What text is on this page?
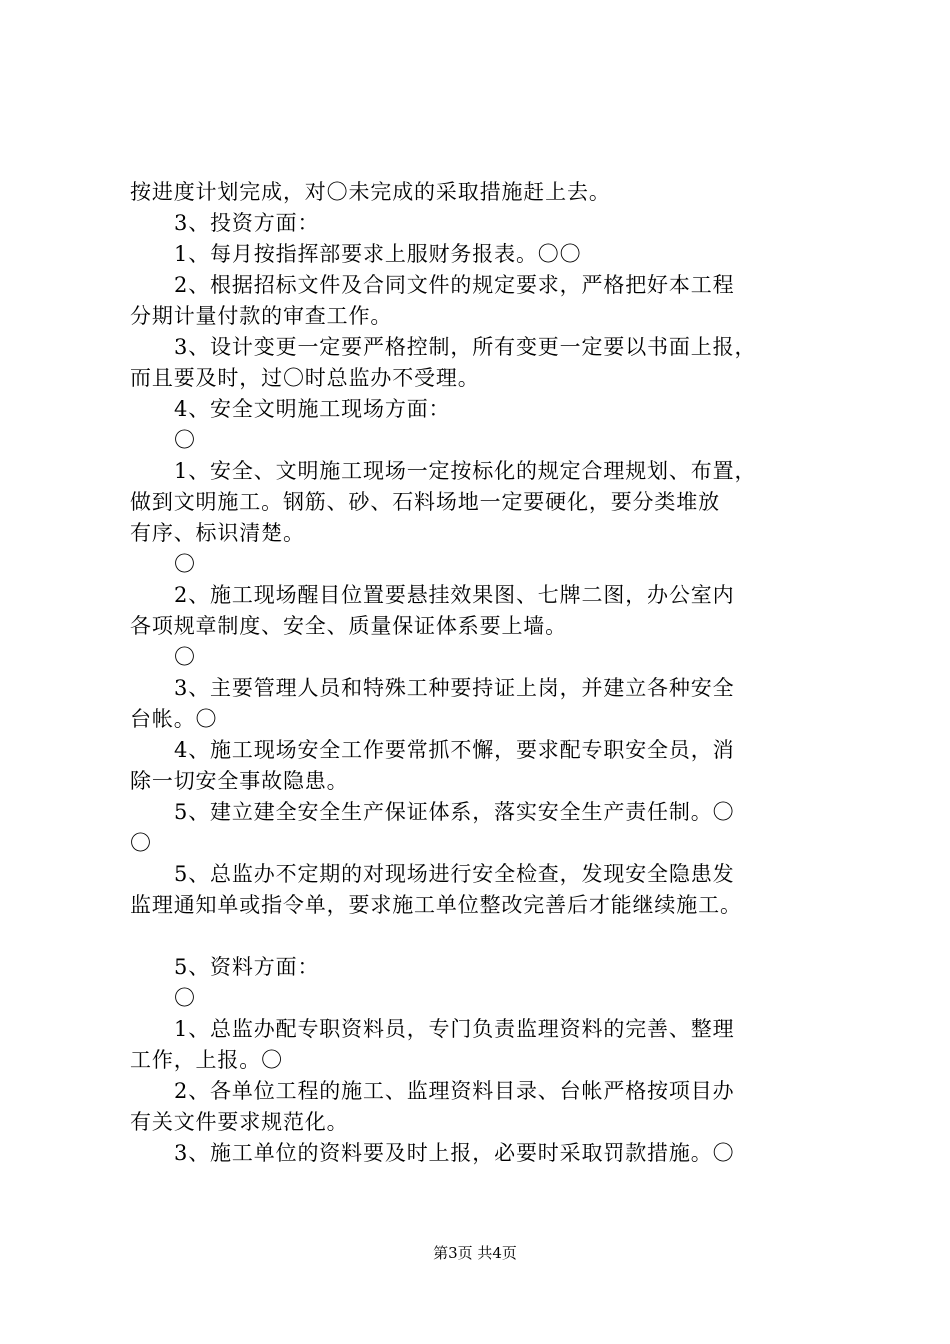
按进度计划完成，对〇未完成的采取措施赶上去。
3、投资方面：
1、每月按指挥部要求上服财务报表。〇〇
2、根据招标文件及合同文件的规定要求，严格把好本工程
分期计量付款的审查工作。
3、设计变更一定要严格控制，所有变更一定要以书面上报，
而且要及时，过〇时总监办不受理。
4、安全文明施工现场方面：
〇
1、安全、文明施工现场一定按标化的规定合理规划、布置，
做到文明施工。钢筋、砂、石料场地一定要硬化，要分类堆放
有序、标识清楚。
〇
2、施工现场醒目位置要悬挂效果图、七牌二图，办公室内
各项规章制度、安全、质量保证体系要上墙。
〇
3、主要管理人员和特殊工种要持证上岗，并建立各种安全
台帐。〇
4、施工现场安全工作要常抓不懈，要求配专职安全员，消
除一切安全事故隐患。
5、建立建全安全生产保证体系，落实安全生产责任制。〇
〇
5、总监办不定期的对现场进行安全检查，发现安全隐患发
监理通知单或指令单，要求施工单位整改完善后才能继续施工。
5、资料方面：
〇
1、总监办配专职资料员，专门负责监理资料的完善、整理
工作，上报。〇
2、各单位工程的施工、监理资料目录、台帐严格按项目办
有关文件要求规范化。
3、施工单位的资料要及时上报，必要时采取罚款措施。〇
第3页 共4页
